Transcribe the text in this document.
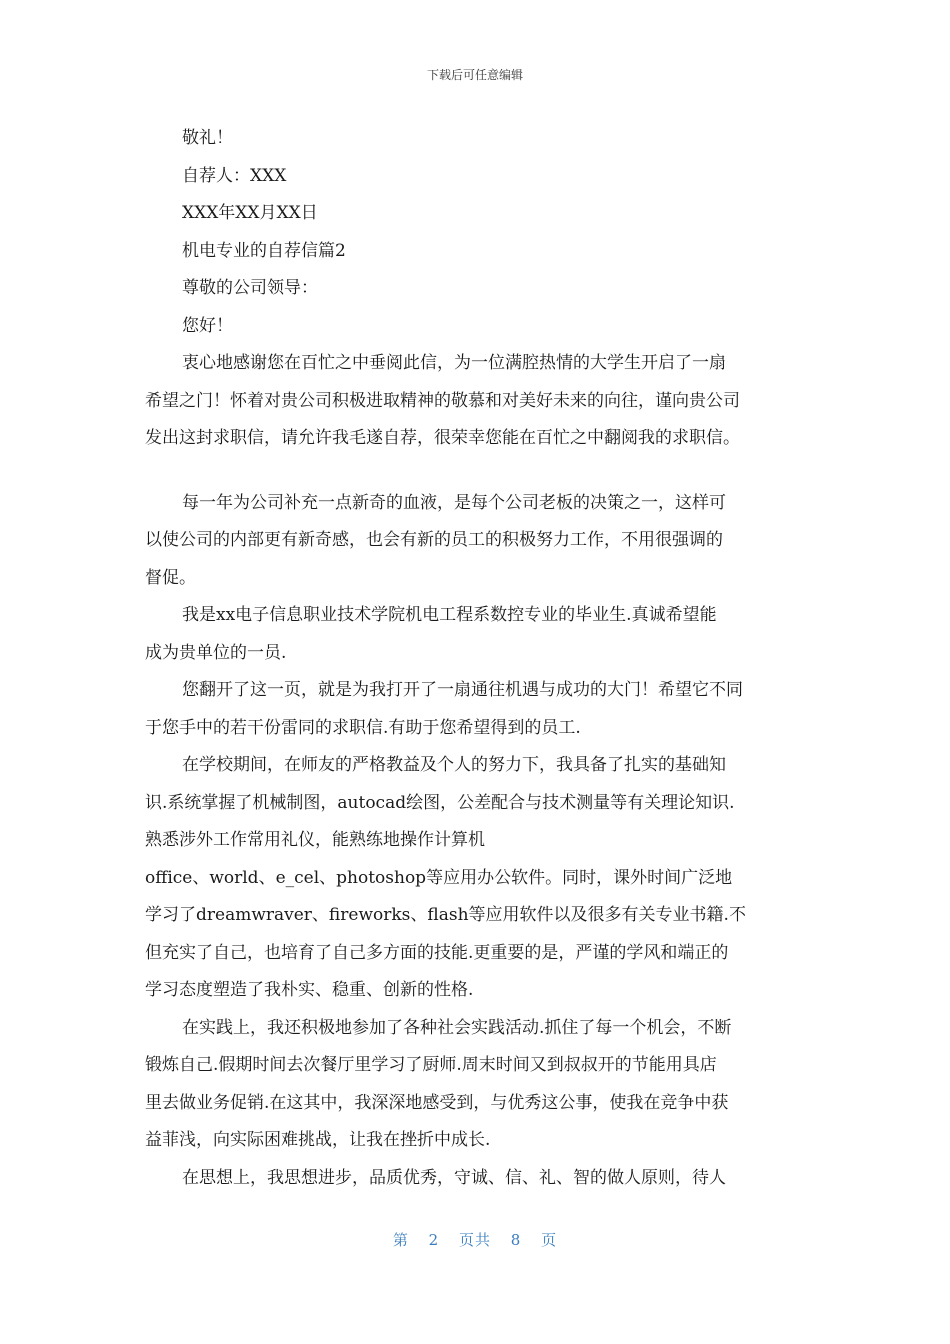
下载后可任意编辑
敬礼！
自荐人：XXX
XXX年XX月XX日
机电专业的自荐信篇2
尊敬的公司领导：
您好！
衷心地感谢您在百忙之中垂阅此信，为一位满腔热情的大学生开启了一扇
希望之门！怀着对贵公司积极进取精神的敬慕和对美好未来的向往，谨向贵公司
发出这封求职信，请允许我毛遂自荐，很荣幸您能在百忙之中翻阅我的求职信。
每一年为公司补充一点新奇的血液，是每个公司老板的决策之一，这样可
以使公司的内部更有新奇感，也会有新的员工的积极努力工作，不用很强调的
督促。
我是xx电子信息职业技术学院机电工程系数控专业的毕业生.真诚希望能
成为贵单位的一员.
您翻开了这一页，就是为我打开了一扇通往机遇与成功的大门！希望它不同
于您手中的若干份雷同的求职信.有助于您希望得到的员工.
在学校期间，在师友的严格教益及个人的努力下，我具备了扎实的基础知
识.系统掌握了机械制图，autocad绘图，公差配合与技术测量等有关理论知识.
熟悉涉外工作常用礼仪，能熟练地操作计算机
office、world、e_cel、photoshop等应用办公软件。同时，课外时间广泛地
学习了dreamwraver、fireworks、flash等应用软件以及很多有关专业书籍.不
但充实了自己，也培育了自己多方面的技能.更重要的是，严谨的学风和端正的
学习态度塑造了我朴实、稳重、创新的性格.
在实践上，我还积极地参加了各种社会实践活动.抓住了每一个机会，不断
锻炼自己.假期时间去次餐厅里学习了厨师.周末时间又到叔叔开的节能用具店
里去做业务促销.在这其中，我深深地感受到，与优秀这公事，使我在竞争中获
益菲浅，向实际困难挑战，让我在挫折中成长.
在思想上，我思想进步，品质优秀，守诚、信、礼、智的做人原则，待人
第 2 页共 8 页
